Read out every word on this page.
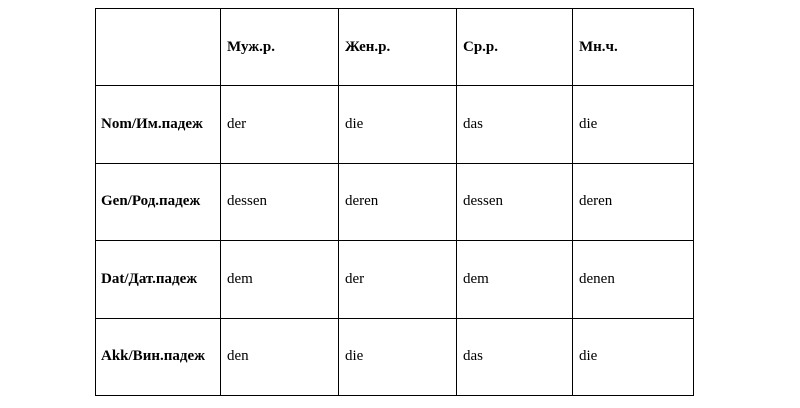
	Муж.р.	Жен.р.	Ср.р.	Мн.ч.
Nom/Им.падеж	der	die	das	die
Gen/Род.падеж	dessen	deren	dessen	deren
Dat/Дат.падеж	dem	der	dem	denen
Akk/Вин.падеж	den	die	das	die
